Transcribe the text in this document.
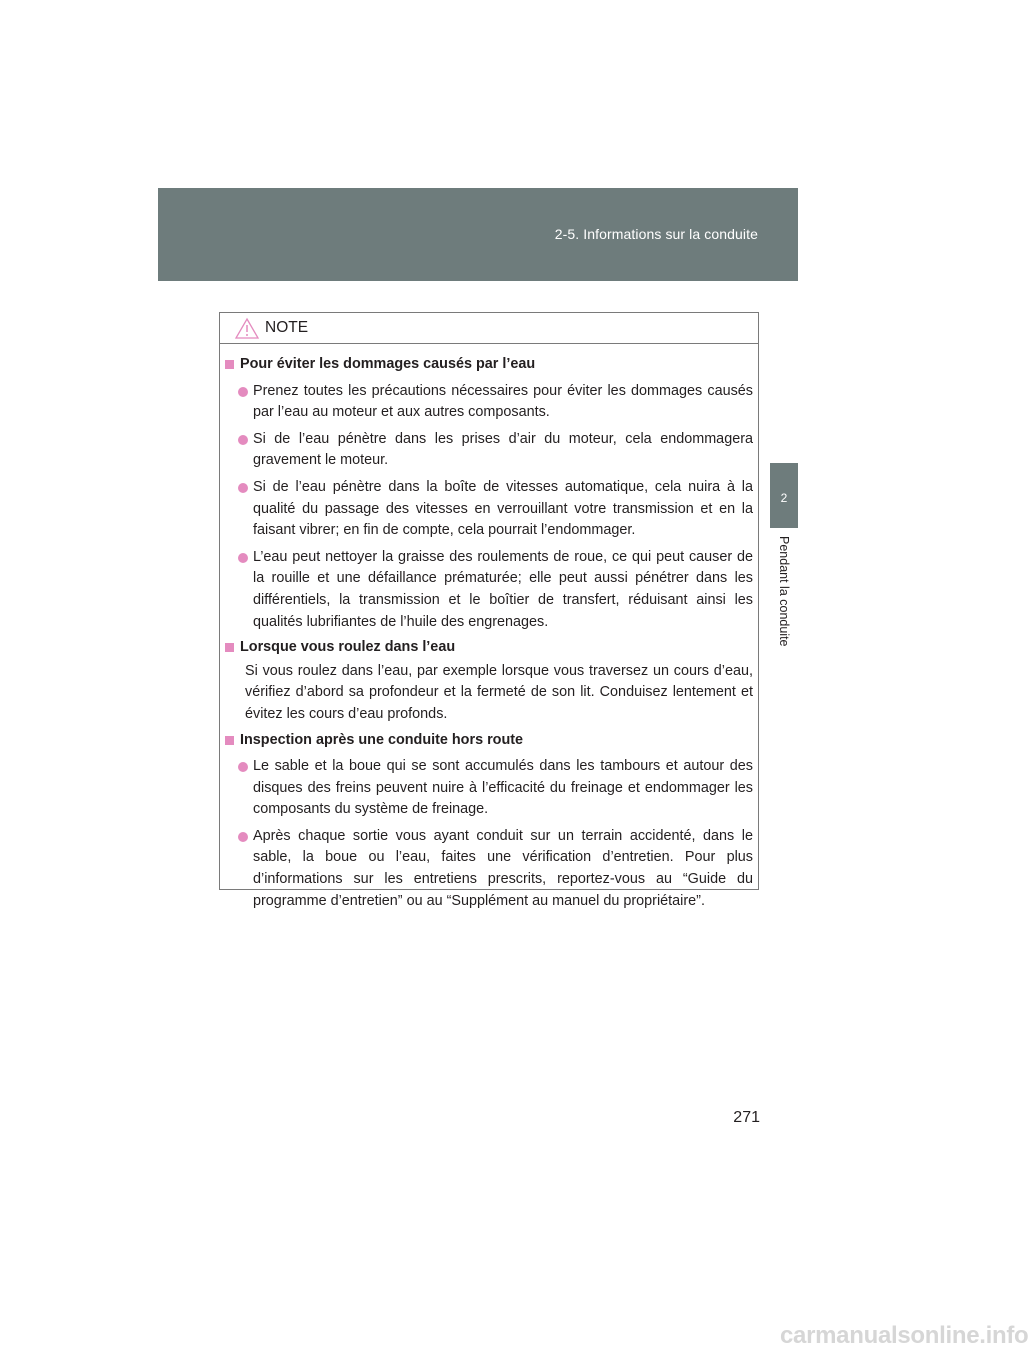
2-5. Informations sur la conduite
2
Pendant la conduite
NOTE
Pour éviter les dommages causés par l’eau
Prenez toutes les précautions nécessaires pour éviter les dommages causés par l’eau au moteur et aux autres composants.
Si de l’eau pénètre dans les prises d’air du moteur, cela endommagera gravement le moteur.
Si de l’eau pénètre dans la boîte de vitesses automatique, cela nuira à la qualité du passage des vitesses en verrouillant votre transmission et en la faisant vibrer; en fin de compte, cela pourrait l’endommager.
L’eau peut nettoyer la graisse des roulements de roue, ce qui peut causer de la rouille et une défaillance prématurée; elle peut aussi pénétrer dans les différentiels, la transmission et le boîtier de transfert, réduisant ainsi les qualités lubrifiantes de l’huile des engrenages.
Lorsque vous roulez dans l’eau
Si vous roulez dans l’eau, par exemple lorsque vous traversez un cours d’eau, vérifiez d’abord sa profondeur et la fermeté de son lit. Conduisez lentement et évitez les cours d’eau profonds.
Inspection après une conduite hors route
Le sable et la boue qui se sont accumulés dans les tambours et autour des disques des freins peuvent nuire à l’efficacité du freinage et endommager les composants du système de freinage.
Après chaque sortie vous ayant conduit sur un terrain accidenté, dans le sable, la boue ou l’eau, faites une vérification d’entretien. Pour plus d’informations sur les entretiens prescrits, reportez-vous au “Guide du programme d’entretien” ou au “Supplément au manuel du propriétaire”.
271
carmanualsonline.info
